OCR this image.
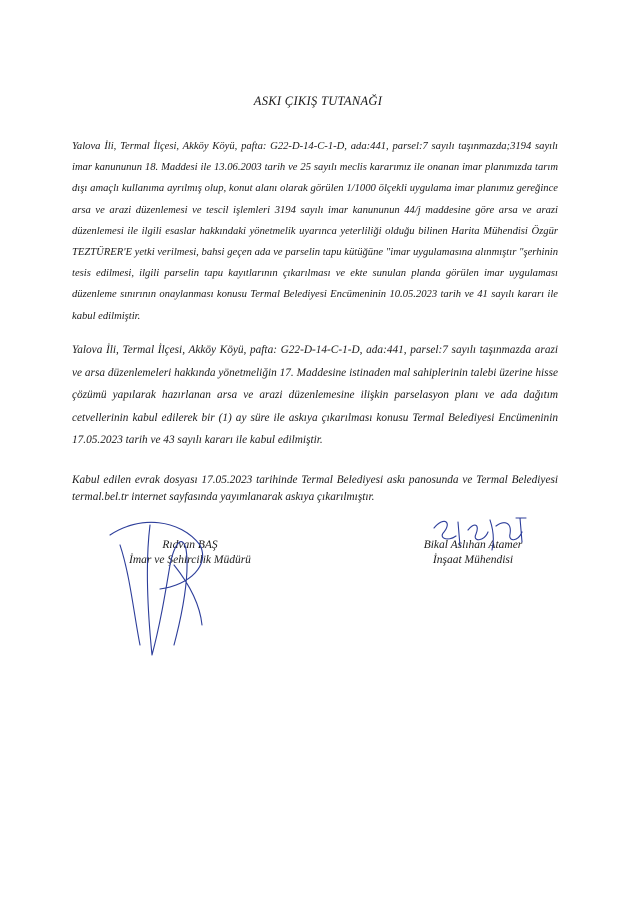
ASKI ÇIKIŞ TUTANAĞI

Yalova İli, Termal İlçesi, Akköy Köyü, pafta: G22-D-14-C-1-D, ada:441, parsel:7 sayılı taşınmazda;3194 sayılı imar kanununun 18. Maddesi ile 13.06.2003 tarih ve 25 sayılı meclis kararımız ile onanan imar planımızda tarım dışı amaçlı kullanıma ayrılmış olup, konut alanı olarak görülen 1/1000 ölçekli uygulama imar planımız gereğince arsa ve arazi düzenlemesi ve tescil işlemleri 3194 sayılı imar kanununun 44/j maddesine göre arsa ve arazi düzenlemesi ile ilgili esaslar hakkındaki yönetmelik uyarınca yeterliliği olduğu bilinen Harita Mühendisi Özgür TEZTÜRER'E yetki verilmesi, bahsi geçen ada ve parselin tapu kütüğüne "imar uygulamasına alınmıştır "şerhinin tesis edilmesi, ilgili parselin tapu kayıtlarının çıkarılması ve ekte sunulan planda görülen imar uygulaması düzenleme sınırının onaylanması konusu Termal Belediyesi Encümeninin 10.05.2023 tarih ve 41 sayılı kararı ile kabul edilmiştir.

Yalova İli, Termal İlçesi, Akköy Köyü, pafta: G22-D-14-C-1-D, ada:441, parsel:7 sayılı taşınmazda arazi ve arsa düzenlemeleri hakkında yönetmeliğin 17. Maddesine istinaden mal sahiplerinin talebi üzerine hisse çözümü yapılarak hazırlanan arsa ve arazi düzenlemesine ilişkin parselasyon planı ve ada dağıtım cetvellerinin kabul edilerek bir (1) ay süre ile askıya çıkarılması konusu Termal Belediyesi Encümeninin 17.05.2023 tarih ve 43 sayılı kararı ile kabul edilmiştir.

Kabul edilen evrak dosyası 17.05.2023 tarihinde Termal Belediyesi askı panosunda ve Termal Belediyesi termal.bel.tr internet sayfasında yayımlanarak askıya çıkarılmıştır.

Rıdvan BAŞ
İmar ve Şehircilik Müdürü
Bikal Aslıhan Atamer
İnşaat Mühendisi
